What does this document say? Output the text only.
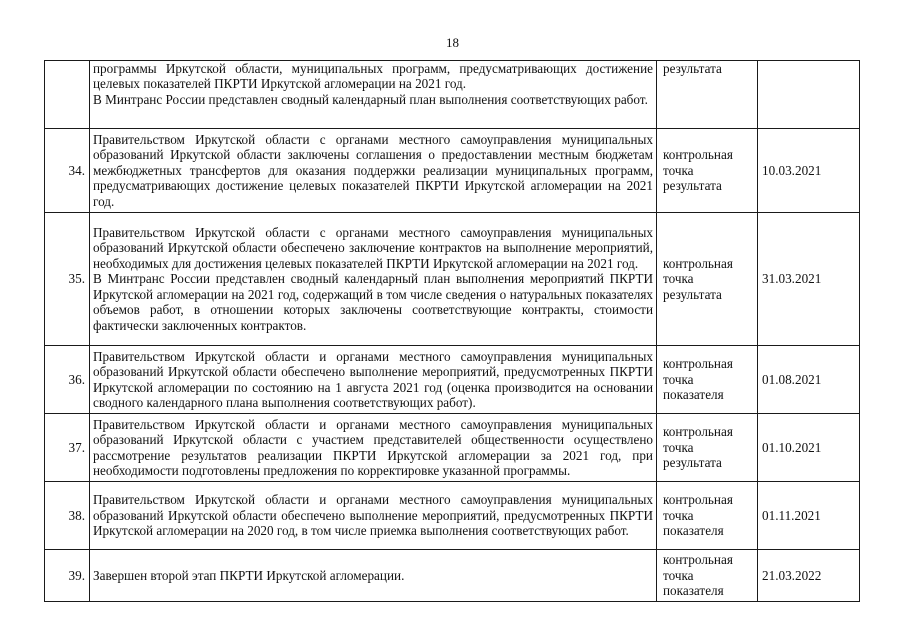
18

	программы Иркутской области, муниципальных программ, предусматривающих достижение целевых показателей ПКРТИ Иркутской агломерации на 2021 год.
В Минтранс России представлен сводный календарный план выполнения соответствующих работ.	результата	
34.	Правительством Иркутской области с органами местного самоуправления муниципальных образований Иркутской области заключены соглашения о предоставлении местным бюджетам межбюджетных трансфертов для оказания поддержки реализации муниципальных программ, предусматривающих достижение целевых показателей ПКРТИ Иркутской агломерации на 2021 год.	контрольная точка результата	10.03.2021
35.	Правительством Иркутской области с органами местного самоуправления муниципальных образований Иркутской области обеспечено заключение контрактов на выполнение мероприятий, необходимых для достижения целевых показателей ПКРТИ Иркутской агломерации на 2021 год.
В Минтранс России представлен сводный календарный план выполнения мероприятий ПКРТИ Иркутской агломерации на 2021 год, содержащий в том числе сведения о натуральных показателях объемов работ, в отношении которых заключены соответствующие контракты, стоимости фактически заключенных контрактов.	контрольная точка результата	31.03.2021
36.	Правительством Иркутской области и органами местного самоуправления муниципальных образований Иркутской области обеспечено выполнение мероприятий, предусмотренных ПКРТИ Иркутской агломерации по состоянию на 1 августа 2021 год (оценка производится на основании сводного календарного плана выполнения соответствующих работ).	контрольная точка показателя	01.08.2021
37.	Правительством Иркутской области и органами местного самоуправления муниципальных образований Иркутской области с участием представителей общественности осуществлено рассмотрение результатов реализации ПКРТИ Иркутской агломерации за 2021 год, при необходимости подготовлены предложения по корректировке указанной программы.	контрольная точка результата	01.10.2021
38.	Правительством Иркутской области и органами местного самоуправления муниципальных образований Иркутской области обеспечено выполнение мероприятий, предусмотренных ПКРТИ Иркутской агломерации на 2020 год, в том числе приемка выполнения соответствующих работ.	контрольная точка показателя	01.11.2021
39.	Завершен второй этап ПКРТИ Иркутской агломерации.	контрольная точка показателя	21.03.2022
